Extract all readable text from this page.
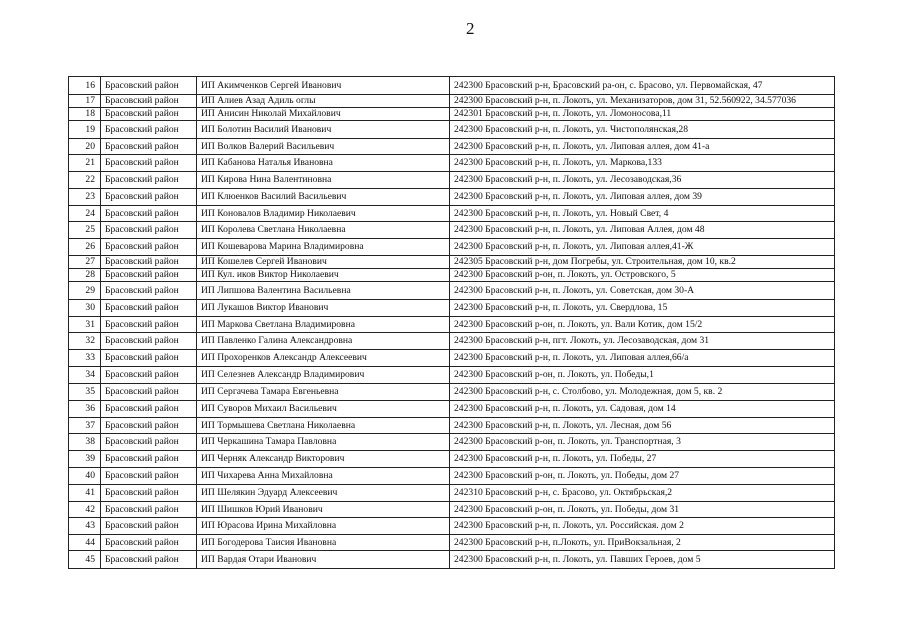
2
16	Брасовский район	ИП Акимченков Сергей Иванович	242300 Брасовский р-н, Брасовский ра-он, с. Брасово, ул. Первомайская, 47
17	Брасовский район	ИП Алиев Азад Адиль оглы	242300 Брасовский р-н, п. Локоть, ул. Механизаторов, дом 31, 52.560922, 34.577036
18	Брасовский район	ИП Анисин Николай Михайлович	242301 Брасовский р-н, п. Локоть, ул. Ломоносова,11
19	Брасовский район	ИП Болотин Василий Иванович	242300 Брасовский р-н, п. Локоть, ул. Чистополянская,28
20	Брасовский район	ИП Волков Валерий Васильевич	242300 Брасовский р-н, п. Локоть, ул. Липовая аллея, дом 41-а
21	Брасовский район	ИП Кабанова Наталья Ивановна	242300 Брасовский р-н, п. Локоть, ул. Маркова,133
22	Брасовский район	ИП Кирова Нина Валентиновна	242300 Брасовский р-н, п. Локоть, ул. Лесозаводская,36
23	Брасовский район	ИП Клюенков Василий Васильевич	242300 Брасовский р-н, п. Локоть, ул. Липовая аллея, дом 39
24	Брасовский район	ИП Коновалов Владимир Николаевич	242300 Брасовский р-н, п. Локоть, ул. Новый Свет, 4
25	Брасовский район	ИП Королева Светлана Николаевна	242300 Брасовский р-н, п. Локоть, ул. Липовая Аллея, дом 48
26	Брасовский район	ИП Кошеварова Марина Владимировна	242300 Брасовский р-н, п. Локоть, ул. Липовая аллея,41-Ж
27	Брасовский район	ИП Кошелев Сергей Иванович	242305 Брасовский р-н, дом Погребы, ул. Строительная, дом 10, кв.2
28	Брасовский район	ИП Кул. иков Виктор Николаевич	242300 Брасовский р-он, п. Локоть, ул. Островского, 5
29	Брасовский район	ИП Липшова Валентина Васильевна	242300 Брасовский р-н, п. Локоть, ул. Советская, дом 30-А
30	Брасовский район	ИП Лукашов Виктор Иванович	242300 Брасовский р-н, п. Локоть, ул. Свердлова, 15
31	Брасовский район	ИП Маркова Светлана Владимировна	242300 Брасовский р-он, п. Локоть, ул. Вали Котик, дом 15/2
32	Брасовский район	ИП Павленко Галина Александровна	242300 Брасовский р-н, пгт. Локоть, ул. Лесозаводская, дом 31
33	Брасовский район	ИП Прохоренков Александр Алексеевич	242300 Брасовский р-н, п. Локоть, ул. Липовая аллея,66/а
34	Брасовский район	ИП Селезнев Александр Владимирович	242300 Брасовский р-он, п. Локоть, ул. Победы,1
35	Брасовский район	ИП Сергачева Тамара Евгеньевна	242300 Брасовский р-н, с. Столбово, ул. Молодежная, дом 5, кв. 2
36	Брасовский район	ИП Суворов Михаил Васильевич	242300 Брасовский р-н, п. Локоть, ул. Садовая, дом 14
37	Брасовский район	ИП Тормышева Светлана Николаевна	242300 Брасовский р-н, п. Локоть, ул. Лесная, дом 56
38	Брасовский район	ИП Черкашина Тамара Павловна	242300 Брасовский р-он, п. Локоть, ул. Транспортная, 3
39	Брасовский район	ИП Черняк Александр Викторович	242300 Брасовский р-н, п. Локоть, ул. Победы, 27
40	Брасовский район	ИП Чихарева Анна Михайловна	242300 Брасовский р-он, п. Локоть, ул. Победы, дом 27
41	Брасовский район	ИП Шелякин Эдуард Алексеевич	242310 Брасовский р-н, с. Брасово, ул. Октябрьская,2
42	Брасовский район	ИП Шишков Юрий Иванович	242300 Брасовский р-он, п. Локоть, ул. Победы, дом 31
43	Брасовский район	ИП Юрасова Ирина Михайловна	242300 Брасовский р-н, п. Локоть, ул. Российская. дом 2
44	Брасовский район	ИП Богодерова Таисия Ивановна	242300 Брасовский р-н, п.Локоть, ул. ПриВокзальная, 2
45	Брасовский район	ИП Вардая Отари Иванович	242300 Брасовский р-н, п. Локоть, ул. Павших Героев, дом 5
